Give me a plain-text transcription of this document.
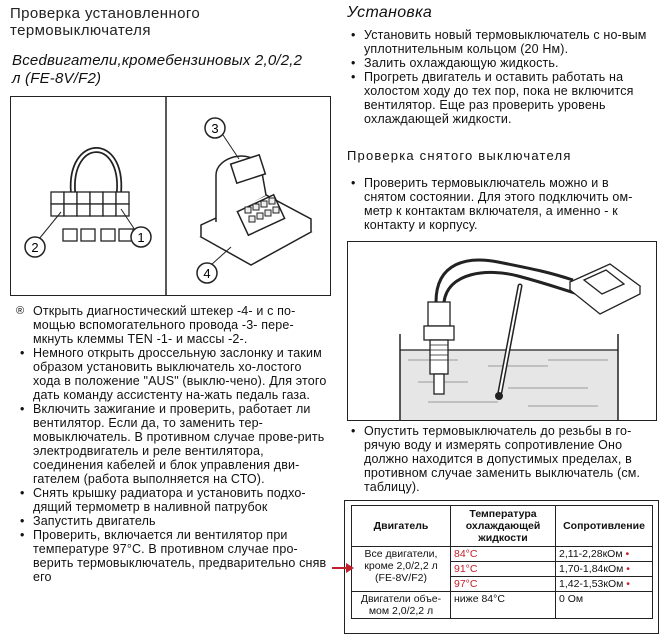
Проверка установленного термовыключателя
Всеdвигатели,кромебензиновых 2,0/2,2 л (FE-8V/F2)
2
1
3
4
® Открыть диагностический штекер -4- и с по-мощью вспомогательного провода -3- пере-мкнуть клеммы TEN -1- и массы -2-.
• Немного открыть дроссельную заслонку и таким образом установить выключатель хо-лостого хода в положение "AUS" (выклю-чено). Для этого дать команду ассистенту на-жать педаль газа.
• Включить зажигание и проверить, работает ли вентилятор. Если да, то заменить тер-мовыключатель. В противном случае прове-рить электродвигатель и реле вентилятора, соединения кабелей и блок управления дви-гателем (работа выполняется на СТО).
• Снять крышку радиатора и установить подхо-дящий термометр в наливной патрубок
• Запустить двигатель
• Проверить, включается ли вентилятор при температуре 97°С. В противном случае про-верить термовыключатель, предварительно сняв его
Установка
• Установить новый термовыключатель с но-вым уплотнительным кольцом (20 Нм).
• Залить охлаждающую жидкость.
• Прогреть двигатель и оставить работать на холостом ходу до тех пор, пока не включится вентилятор. Еще раз проверить уровень охлаждающей жидкости.
Проверка снятого выключателя
• Проверить термовыключатель можно и в снятом состоянии. Для этого подключить ом-метр к контактам включателя, а именно - к контакту и корпусу.
• Опустить термовыключатель до резьбы в го-рячую воду и измерять сопротивление Оно должно находится в допустимых пределах, в противном случае заменить выключатель (см. таблицу).
Двигатель	Температура охлаждающей жидкости	Сопротивление
Все двигатели, кроме 2,0/2,2 л (FE-8V/F2)	84°С	2,11-2,28кОм •
	91°С	1,70-1,84кОм •
	97°С	1,42-1,53кОм •
Двигатели объе-мом 2,0/2,2 л	ниже 84°С	0 Ом
